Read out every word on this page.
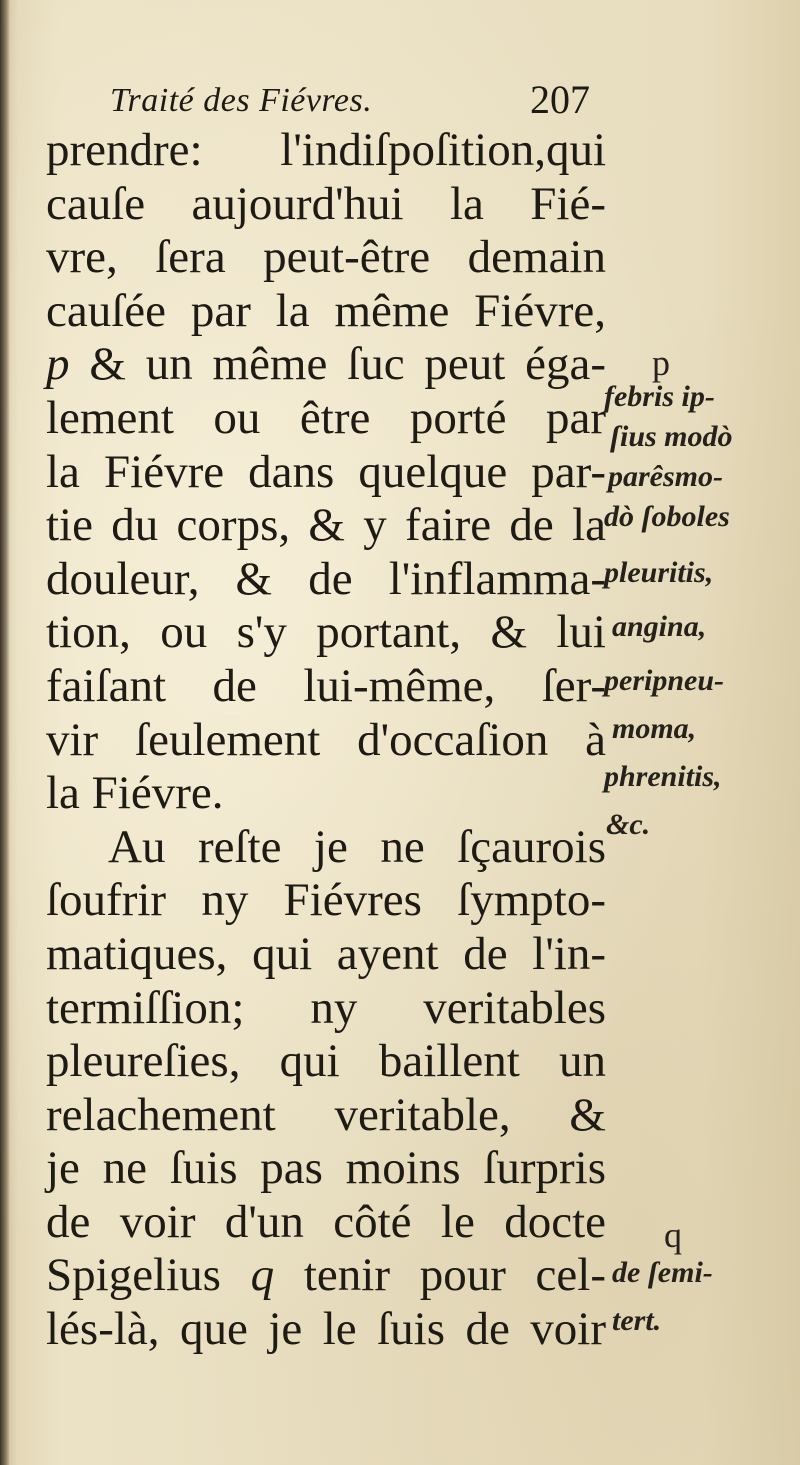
Traité des Fiévres.	207
prendre: l'indiſpoſition,qui
cauſe aujourd'hui la Fié-
vre, ſera peut-être demain
cauſée par la même Fiévre,
p & un même ſuc peut éga-
lement ou être porté par
la Fiévre dans quelque par-
tie du corps, & y faire de la
douleur, & de l'inflamma-
tion, ou s'y portant, & lui
faiſant de lui-même, ſer-
vir ſeulement d'occaſion à
la Fiévre.
Au reſte je ne ſçaurois
ſoufrir ny Fiévres ſympto-
matiques, qui ayent de l'in-
termiſſion; ny veritables
pleureſies, qui baillent un
relachement veritable, &
je ne ſuis pas moins ſurpris
de voir d'un côté le docte
Spigelius q tenir pour cel-
lés-là, que je le ſuis de voir
p
febris ip-
ſius modò
parêsmo-
dò ſoboles
pleuritis,
angina,
peripneu-
moma,
phrenitis,
&c.
q
de ſemi-
tert.
